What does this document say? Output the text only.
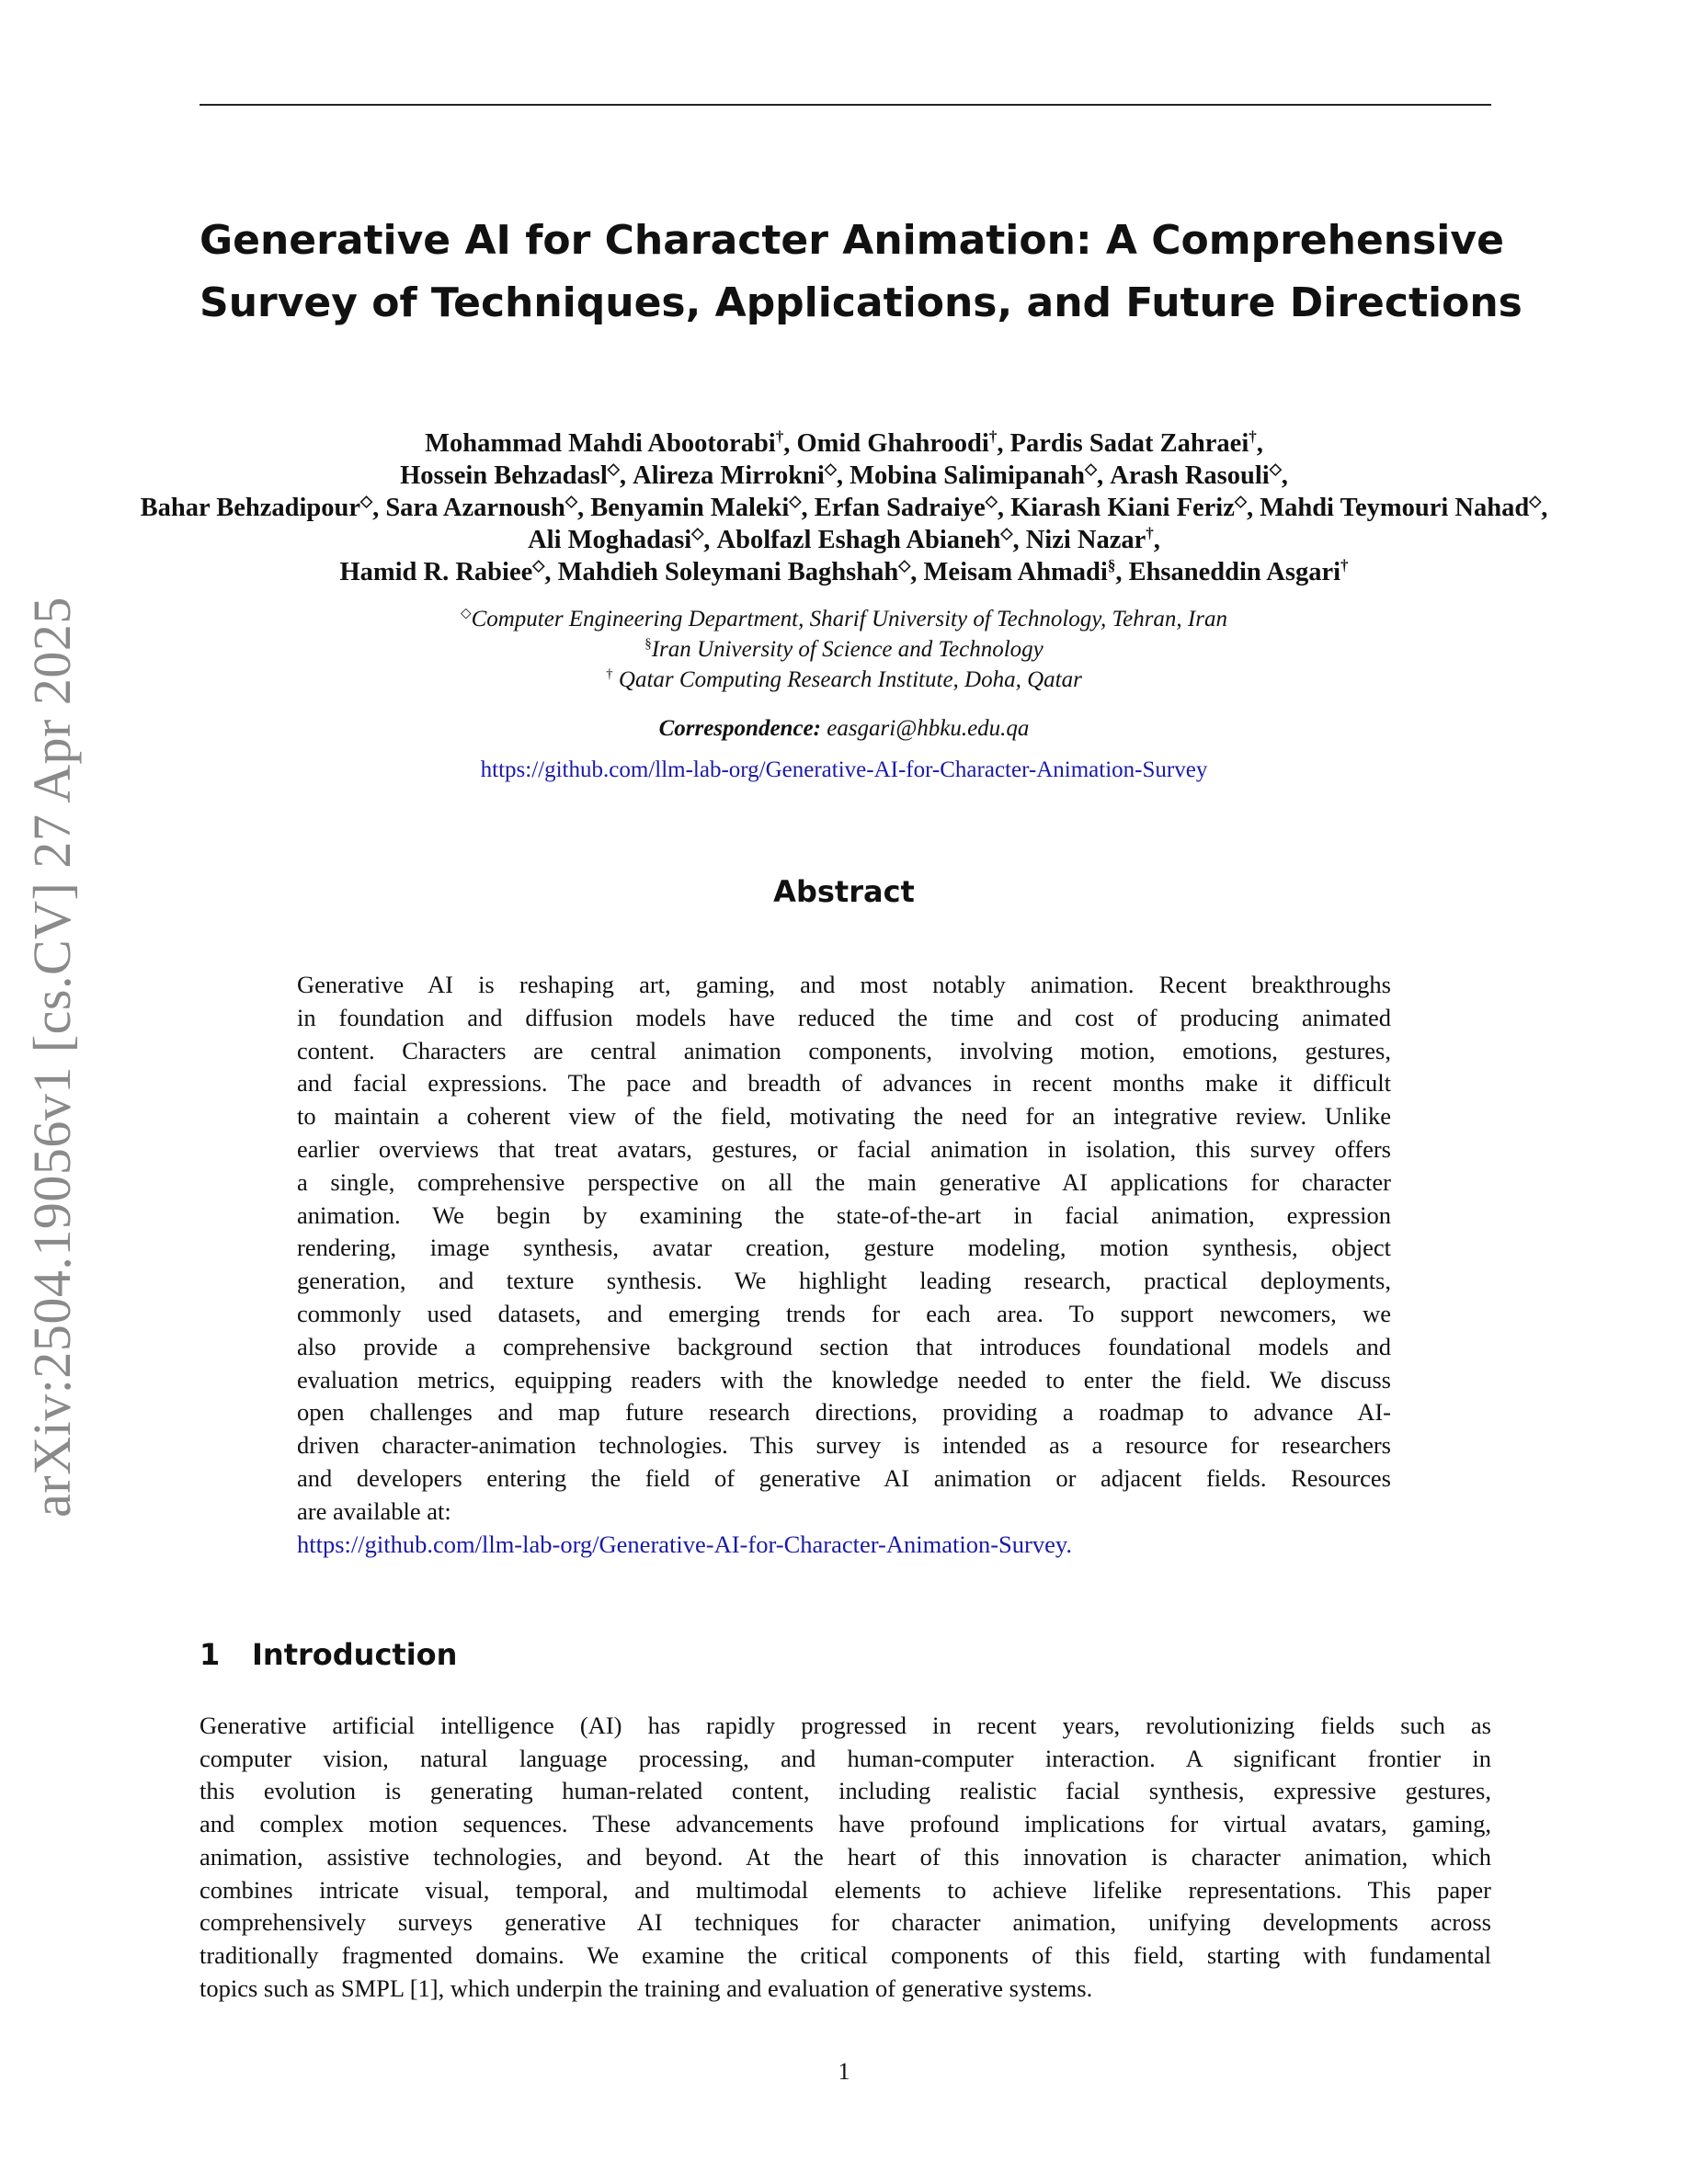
arXiv:2504.19056v1 [cs.CV] 27 Apr 2025
Generative AI for Character Animation: A Comprehensive
Survey of Techniques, Applications, and Future Directions
Mohammad Mahdi Abootorabi†, Omid Ghahroodi†, Pardis Sadat Zahraei†,
Hossein Behzadasl◇, Alireza Mirrokni◇, Mobina Salimipanah◇, Arash Rasouli◇,
Bahar Behzadipour◇, Sara Azarnoush◇, Benyamin Maleki◇, Erfan Sadraiye◇, Kiarash Kiani Feriz◇, Mahdi Teymouri Nahad◇,
Ali Moghadasi◇, Abolfazl Eshagh Abianeh◇, Nizi Nazar†,
Hamid R. Rabiee◇, Mahdieh Soleymani Baghshah◇, Meisam Ahmadi§, Ehsaneddin Asgari†
◇Computer Engineering Department, Sharif University of Technology, Tehran, Iran
§Iran University of Science and Technology
† Qatar Computing Research Institute, Doha, Qatar
Correspondence: easgari@hbku.edu.qa
https://github.com/llm-lab-org/Generative-AI-for-Character-Animation-Survey
Abstract
Generative AI is reshaping art, gaming, and most notably animation. Recent breakthroughs
in foundation and diffusion models have reduced the time and cost of producing animated
content. Characters are central animation components, involving motion, emotions, gestures,
and facial expressions. The pace and breadth of advances in recent months make it difficult
to maintain a coherent view of the field, motivating the need for an integrative review. Unlike
earlier overviews that treat avatars, gestures, or facial animation in isolation, this survey offers
a single, comprehensive perspective on all the main generative AI applications for character
animation. We begin by examining the state-of-the-art in facial animation, expression
rendering, image synthesis, avatar creation, gesture modeling, motion synthesis, object
generation, and texture synthesis. We highlight leading research, practical deployments,
commonly used datasets, and emerging trends for each area. To support newcomers, we
also provide a comprehensive background section that introduces foundational models and
evaluation metrics, equipping readers with the knowledge needed to enter the field. We discuss
open challenges and map future research directions, providing a roadmap to advance AI-
driven character-animation technologies. This survey is intended as a resource for researchers
and developers entering the field of generative AI animation or adjacent fields. Resources
are available at:
https://github.com/llm-lab-org/Generative-AI-for-Character-Animation-Survey.
1 Introduction
Generative artificial intelligence (AI) has rapidly progressed in recent years, revolutionizing fields such as
computer vision, natural language processing, and human-computer interaction. A significant frontier in
this evolution is generating human-related content, including realistic facial synthesis, expressive gestures,
and complex motion sequences. These advancements have profound implications for virtual avatars, gaming,
animation, assistive technologies, and beyond. At the heart of this innovation is character animation, which
combines intricate visual, temporal, and multimodal elements to achieve lifelike representations. This paper
comprehensively surveys generative AI techniques for character animation, unifying developments across
traditionally fragmented domains. We examine the critical components of this field, starting with fundamental
topics such as SMPL [1], which underpin the training and evaluation of generative systems.
1
